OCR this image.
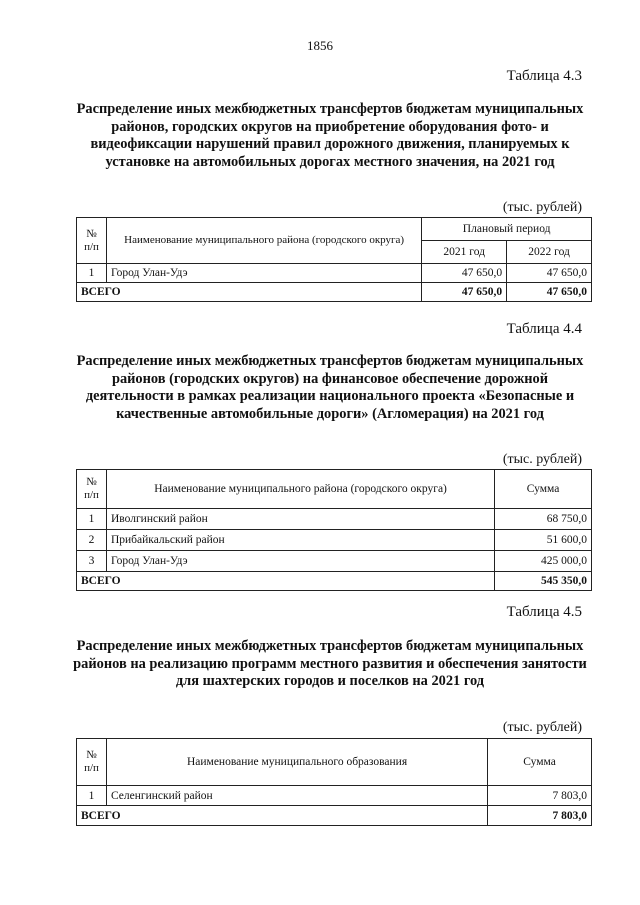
1856
Таблица 4.3
Распределение иных межбюджетных трансфертов бюджетам муниципальных районов, городских округов на приобретение оборудования фото- и видеофиксации нарушений правил дорожного движения, планируемых к установке на автомобильных дорогах местного значения, на 2021 год
(тыс. рублей)
№ п/п	Наименование муниципального района (городского округа)	Плановый период	
		2021 год	2022 год
1	Город Улан-Удэ	47 650,0	47 650,0
ВСЕГО		47 650,0	47 650,0
Таблица 4.4
Распределение иных межбюджетных трансфертов бюджетам муниципальных районов (городских округов) на финансовое обеспечение дорожной деятельности в рамках реализации национального проекта «Безопасные и качественные автомобильные дороги» (Агломерация) на 2021 год
(тыс. рублей)
№ п/п	Наименование муниципального района (городского округа)	Сумма
1	Иволгинский район	68 750,0
2	Прибайкальский район	51 600,0
3	Город Улан-Удэ	425 000,0
ВСЕГО		545 350,0
Таблица 4.5
Распределение иных межбюджетных трансфертов бюджетам муниципальных районов на реализацию программ местного развития и обеспечения занятости для шахтерских городов и поселков на 2021 год
(тыс. рублей)
№ п/п	Наименование муниципального образования	Сумма
1	Селенгинский район	7 803,0
ВСЕГО		7 803,0
